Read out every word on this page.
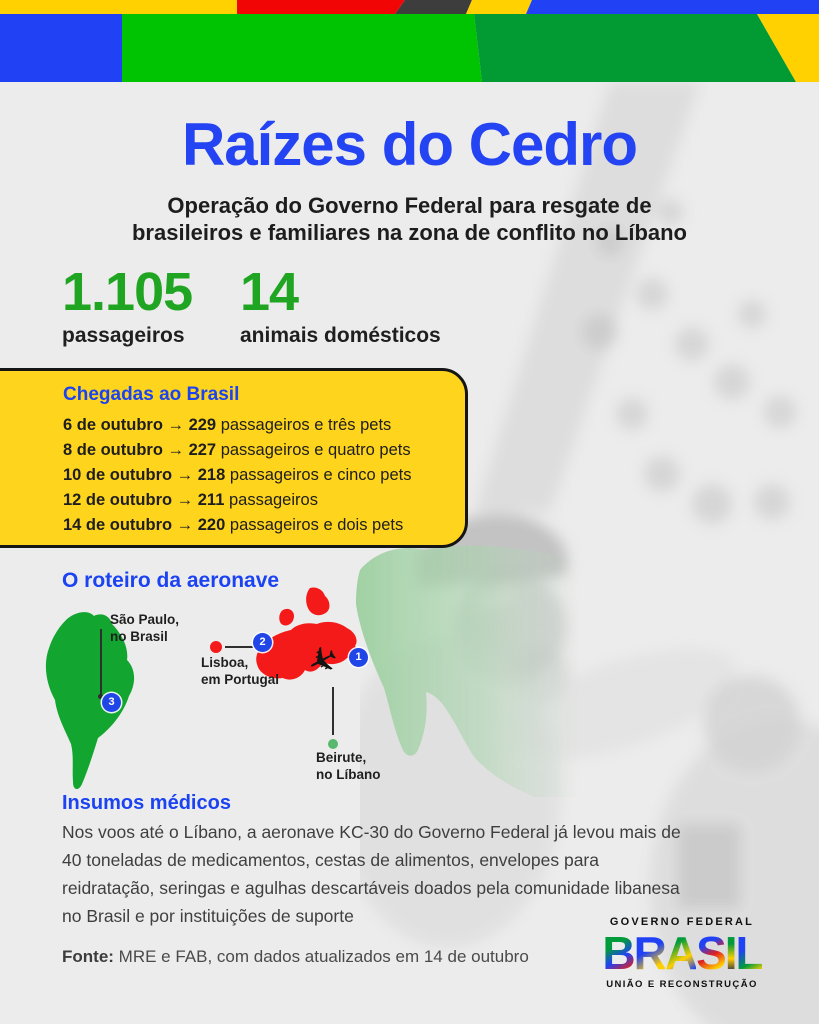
Raízes do Cedro
Operação do Governo Federal para resgate de
brasileiros e familiares na zona de conflito no Líbano
1.105
passageiros
14
animais domésticos
Chegadas ao Brasil
6 de outubro → 229 passageiros e três pets
8 de outubro → 227 passageiros e quatro pets
10 de outubro → 218 passageiros e cinco pets
12 de outubro → 211 passageiros
14 de outubro → 220 passageiros e dois pets
O roteiro da aeronave
✈ 1
2
3
São Paulo,
no Brasil
Lisboa,
em Portugal
Beirute,
no Líbano
Insumos médicos
Nos voos até o Líbano, a aeronave KC-30 do Governo Federal já levou mais de 40 toneladas de medicamentos, cestas de alimentos, envelopes para reidratação, seringas e agulhas descartáveis doados pela comunidade libanesa no Brasil e por instituições de suporte
Fonte: MRE e FAB, com dados atualizados em 14 de outubro
GOVERNO FEDERAL
BRASIL
UNIÃO E RECONSTRUÇÃO
